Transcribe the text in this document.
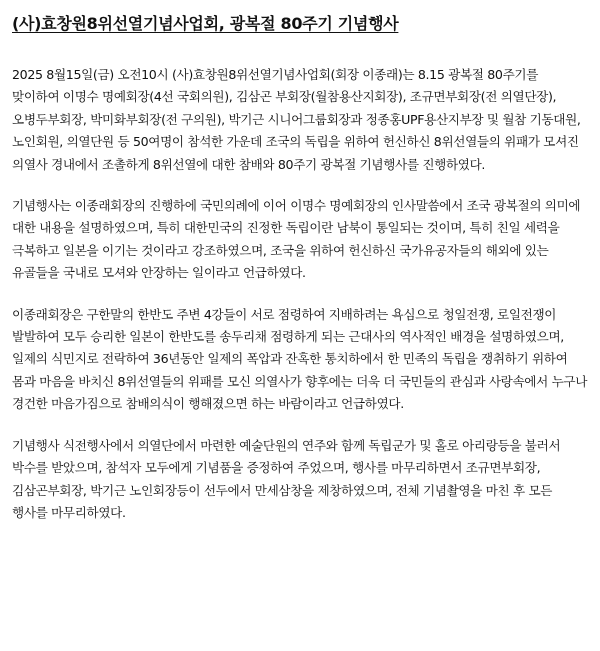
(사)효창원8위선열기념사업회, 광복절 80주기 기념행사

2025 8월15일(금) 오전10시 (사)효창원8위선열기념사업회(회장 이종래)는 8.15 광복절 80주기를 맞이하여 이명수 명예회장(4선 국회의원), 김삼곤 부회장(월참용산지회장), 조규면부회장(전 의열단장), 오병두부회장, 박미화부회장(전 구의원), 박기근 시니어그룹회장과 정종홍UPF용산지부장 및 월참 기동대원, 노인회원, 의열단원 등 50여명이 참석한 가운데 조국의 독립을 위하여 헌신하신 8위선열들의 위패가 모셔진 의열사 경내에서 조촐하게 8위선열에 대한 참배와 80주기 광복절 기념행사를 진행하였다.

기념행사는 이종래회장의 진행하에 국민의례에 이어 이명수 명예회장의 인사말씀에서 조국 광복절의 의미에 대한 내용을 설명하였으며, 특히 대한민국의 진정한 독립이란 남북이 통일되는 것이며, 특히 친일 세력을 극복하고 일본을 이기는 것이라고 강조하였으며, 조국을 위하여 헌신하신 국가유공자들의 해외에 있는 유골들을 국내로 모셔와 안장하는 일이라고 언급하였다.

이종래회장은 구한말의 한반도 주변 4강들이 서로 점령하여 지배하려는 욕심으로 청일전쟁, 로일전쟁이 발발하여 모두 승리한 일본이 한반도를 송두리채 점령하게 되는 근대사의 역사적인 배경을 설명하였으며, 일제의 식민지로 전락하여 36년동안 일제의 폭압과 잔혹한 통치하에서 한 민족의 독립을 쟁취하기 위하여 몸과 마음을 바치신 8위선열들의 위패를 모신 의열사가 향후에는 더욱 더 국민들의 관심과 사랑속에서 누구나 경건한 마음가짐으로 참배의식이 행해졌으면 하는 바람이라고 언급하였다.

기념행사 식전행사에서 의열단에서 마련한 예술단원의 연주와 함께 독립군가 및 홀로 아리랑등을 불러서 박수를 받았으며, 참석자 모두에게 기념품을 증정하여 주었으며, 행사를 마무리하면서 조규면부회장, 김삼곤부회장, 박기근 노인회장등이 선두에서 만세삼창을 제창하였으며, 전체 기념촬영을 마친 후 모든 행사를 마무리하였다.
